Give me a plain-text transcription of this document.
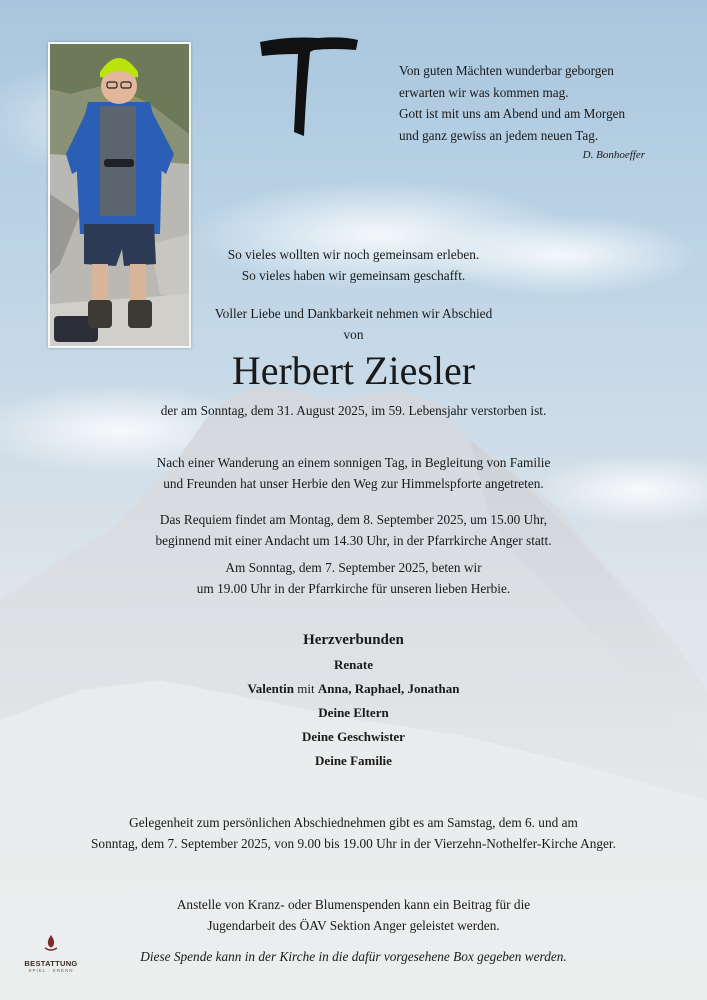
Von guten Mächten wunderbar geborgen
erwarten wir was kommen mag.
Gott ist mit uns am Abend und am Morgen
und ganz gewiss an jedem neuen Tag.
D. Bonhoeffer
So vieles wollten wir noch gemeinsam erleben.
So vieles haben wir gemeinsam geschafft.
Voller Liebe und Dankbarkeit nehmen wir Abschied
von
Herbert Ziesler
der am Sonntag, dem 31. August 2025, im 59. Lebensjahr verstorben ist.
Nach einer Wanderung an einem sonnigen Tag, in Begleitung von Familie
und Freunden hat unser Herbie den Weg zur Himmelspforte angetreten.
Das Requiem findet am Montag, dem 8. September 2025, um 15.00 Uhr,
beginnend mit einer Andacht um 14.30 Uhr, in der Pfarrkirche Anger statt.
Am Sonntag, dem 7. September 2025, beten wir
um 19.00 Uhr in der Pfarrkirche für unseren lieben Herbie.
Herzverbunden
Renate
Valentin mit Anna, Raphael, Jonathan
Deine Eltern
Deine Geschwister
Deine Familie
Gelegenheit zum persönlichen Abschiednehmen gibt es am Samstag, dem 6. und am
Sonntag, dem 7. September 2025, von 9.00 bis 19.00 Uhr in der Vierzehn-Nothelfer-Kirche Anger.
Anstelle von Kranz- oder Blumenspenden kann ein Beitrag für die
Jugendarbeit des ÖAV Sektion Anger geleistet werden.
Diese Spende kann in der Kirche in die dafür vorgesehene Box gegeben werden.
BESTATTUNG
SPIEL ∙ KRENN
